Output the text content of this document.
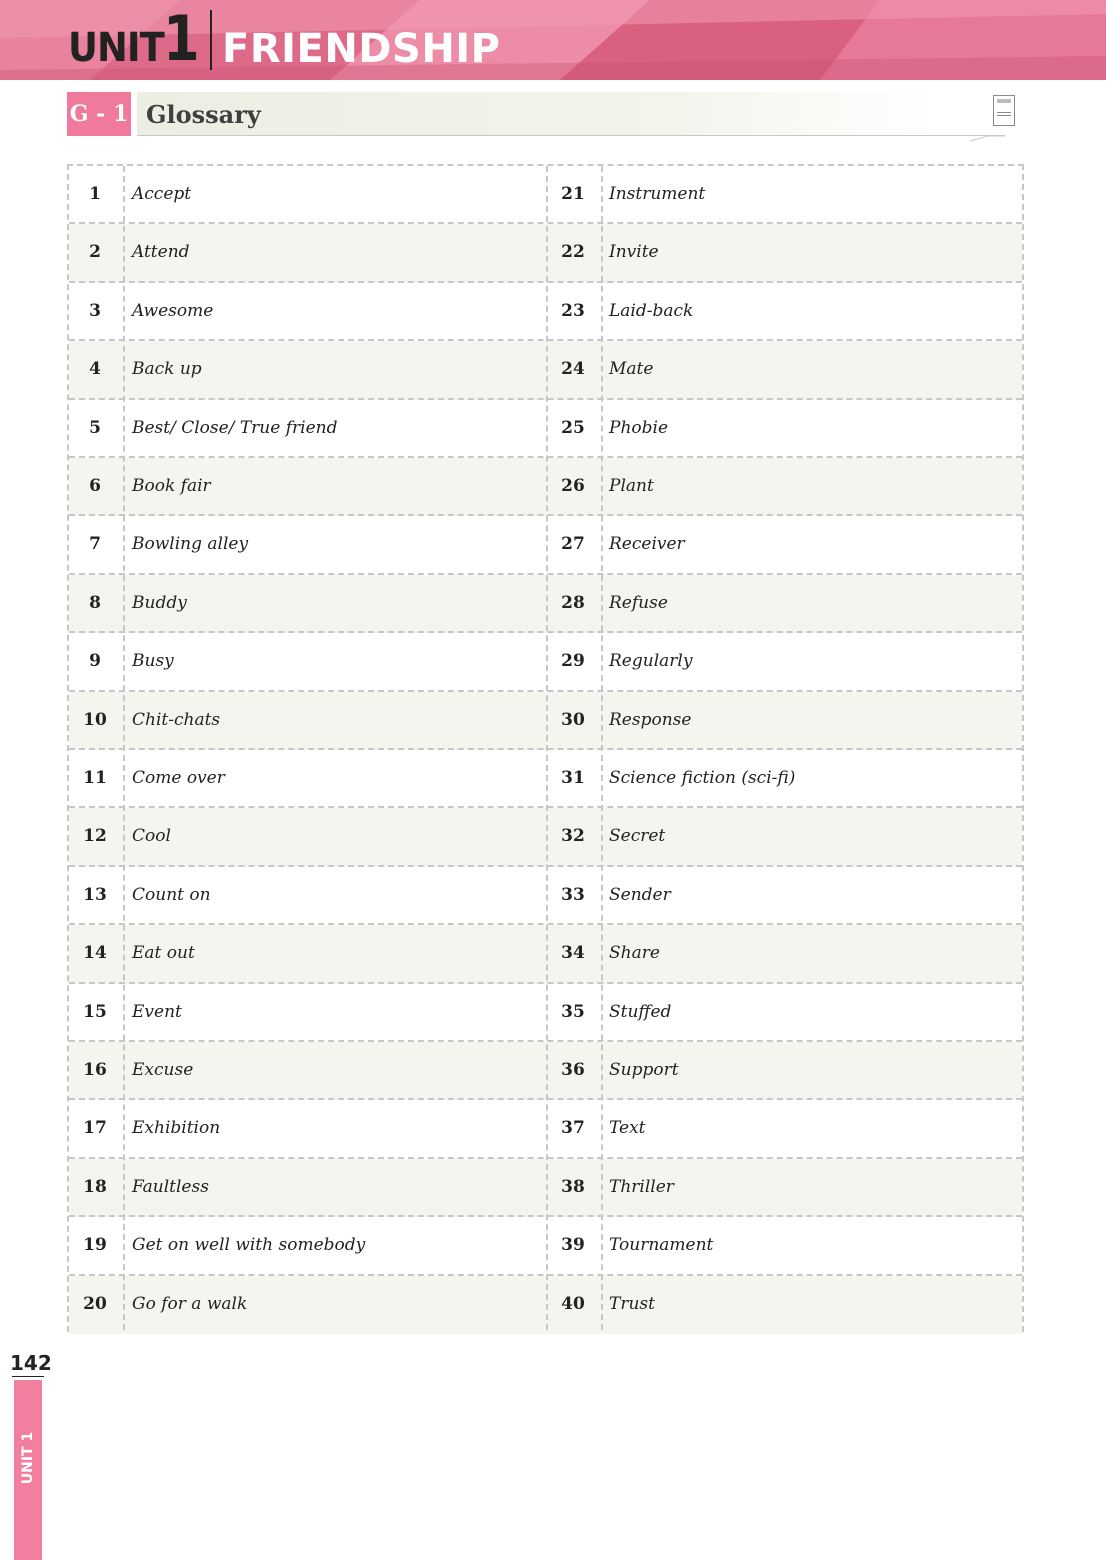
UNIT 1 FRIENDSHIP
G - 1 Glossary
1	Accept	21	Instrument
2	Attend	22	Invite
3	Awesome	23	Laid-back
4	Back up	24	Mate
5	Best/ Close/ True friend	25	Phobie
6	Book fair	26	Plant
7	Bowling alley	27	Receiver
8	Buddy	28	Refuse
9	Busy	29	Regularly
10	Chit-chats	30	Response
11	Come over	31	Science fiction (sci-fi)
12	Cool	32	Secret
13	Count on	33	Sender
14	Eat out	34	Share
15	Event	35	Stuffed
16	Excuse	36	Support
17	Exhibition	37	Text
18	Faultless	38	Thriller
19	Get on well with somebody	39	Tournament
20	Go for a walk	40	Trust
142
UNIT 1
